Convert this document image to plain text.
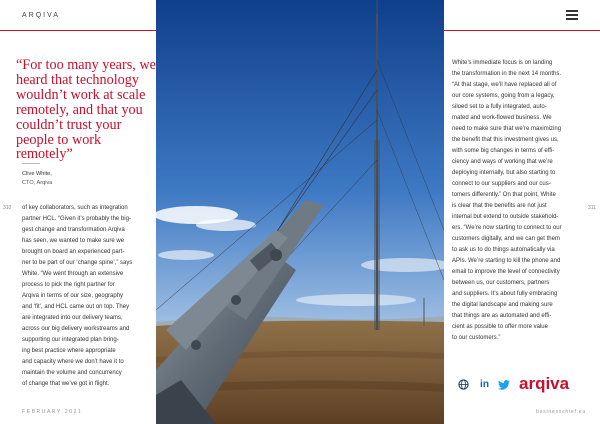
ARQIVA
“For too many years, we heard that technology wouldn’t work at scale remotely, and that you couldn’t trust your people to work remotely”
Clive White,
CTO, Arqiva
310	311
of key collaborators, such as integration
partner HCL. “Given it’s probably the big-
gest change and transformation Arqiva
has seen, we wanted to make sure we
brought on board an experienced part-
ner to be part of our ‘change spine’,” says
White. “We went through an extensive
process to pick the right partner for
Arqiva in terms of our size, geography
and ‘fit’, and HCL came out on top. They
are integrated into our delivery teams,
across our big delivery workstreams and
supporting our integrated plan bring-
ing best practice where appropriate
and capacity where we don’t have it to
maintain the volume and concurrency
of change that we’ve got in flight.
White’s immediate focus is on landing
the transformation in the next 14 months.
“At that stage, we’ll have replaced all of
our core systems, going from a legacy,
siloed set to a fully integrated, auto-
mated and work-flowed business. We
need to make sure that we’re maximizing
the benefit that this investment gives us,
with some big changes in terms of effi-
ciency and ways of working that we’re
deploying internally, but also starting to
connect to our suppliers and our cus-
tomers differently.” On that point, White
is clear that the benefits are not just
internal but extend to outside stakehold-
ers. “We’re now starting to connect to our
customers digitally, and we can get them
to ask us to do things automatically via
APIs. We’re starting to kill the phone and
email to improve the level of connectivity
between us, our customers, partners
and suppliers. It’s about fully embracing
the digital landscape and making sure
that things are as automated and effi-
cient as possible to offer more value
to our customers.”
in arqiva
FEBRUARY 2021	businesschief.eu
